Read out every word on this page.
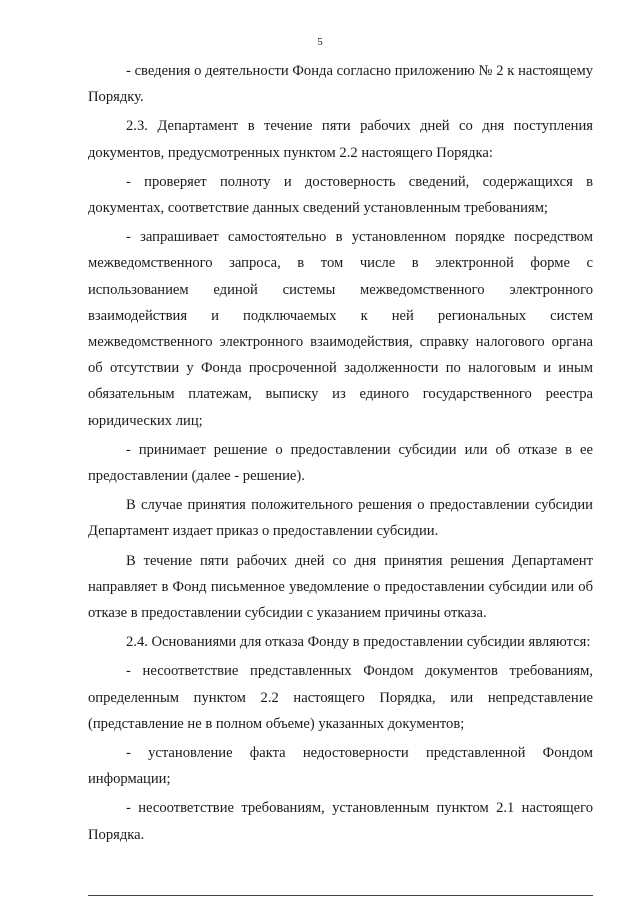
5

- сведения о деятельности Фонда согласно приложению № 2 к настоящему Порядку.

2.3. Департамент в течение пяти рабочих дней со дня поступления документов, предусмотренных пунктом 2.2 настоящего Порядка:

- проверяет полноту и достоверность сведений, содержащихся в документах, соответствие данных сведений установленным требованиям;

- запрашивает самостоятельно в установленном порядке посредством межведомственного запроса, в том числе в электронной форме с использованием единой системы межведомственного электронного взаимодействия и подключаемых к ней региональных систем межведомственного электронного взаимодействия, справку налогового органа об отсутствии у Фонда просроченной задолженности по налоговым и иным обязательным платежам, выписку из единого государственного реестра юридических лиц;

- принимает решение о предоставлении субсидии или об отказе в ее предоставлении (далее - решение).

В случае принятия положительного решения о предоставлении субсидии Департамент издает приказ о предоставлении субсидии.

В течение пяти рабочих дней со дня принятия решения Департамент направляет в Фонд письменное уведомление о предоставлении субсидии или об отказе в предоставлении субсидии с указанием причины отказа.

2.4. Основаниями для отказа Фонду в предоставлении субсидии являются:

- несоответствие представленных Фондом документов требованиям, определенным пунктом 2.2 настоящего Порядка, или непредставление (представление не в полном объеме) указанных документов;

- установление факта недостоверности представленной Фондом информации;

- несоответствие требованиям, установленным пунктом 2.1 настоящего Порядка.
